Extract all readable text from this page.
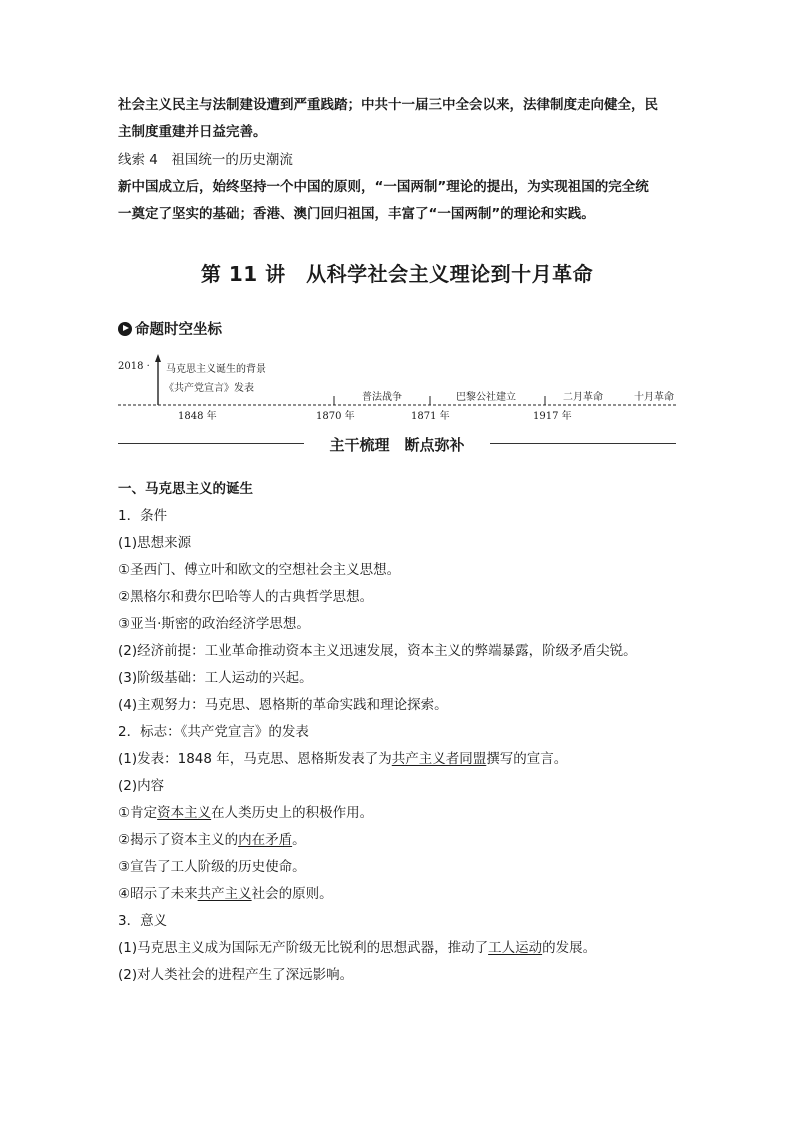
社会主义民主与法制建设遭到严重践踏；中共十一届三中全会以来，法律制度走向健全，民
主制度重建并日益完善。
线索 4　祖国统一的历史潮流
新中国成立后，始终坚持一个中国的原则，“一国两制”理论的提出，为实现祖国的完全统
一奠定了坚实的基础；香港、澳门回归祖国，丰富了“一国两制”的理论和实践。
第 11 讲　从科学社会主义理论到十月革命
命题时空坐标
2018 · 马克思主义诞生的背景
《共产党宣言》发表
普法战争	巴黎公社建立	二月革命	十月革命
1848 年	1870 年	1871 年	1917 年
主干梳理　断点弥补
一、马克思主义的诞生
1．条件
(1)思想来源
①圣西门、傅立叶和欧文的空想社会主义思想。
②黑格尔和费尔巴哈等人的古典哲学思想。
③亚当·斯密的政治经济学思想。
(2)经济前提：工业革命推动资本主义迅速发展，资本主义的弊端暴露，阶级矛盾尖锐。
(3)阶级基础：工人运动的兴起。
(4)主观努力：马克思、恩格斯的革命实践和理论探索。
2．标志：《共产党宣言》的发表
(1)发表：1848 年，马克思、恩格斯发表了为共产主义者同盟撰写的宣言。
(2)内容
①肯定资本主义在人类历史上的积极作用。
②揭示了资本主义的内在矛盾。
③宣告了工人阶级的历史使命。
④昭示了未来共产主义社会的原则。
3．意义
(1)马克思主义成为国际无产阶级无比锐利的思想武器，推动了工人运动的发展。
(2)对人类社会的进程产生了深远影响。
